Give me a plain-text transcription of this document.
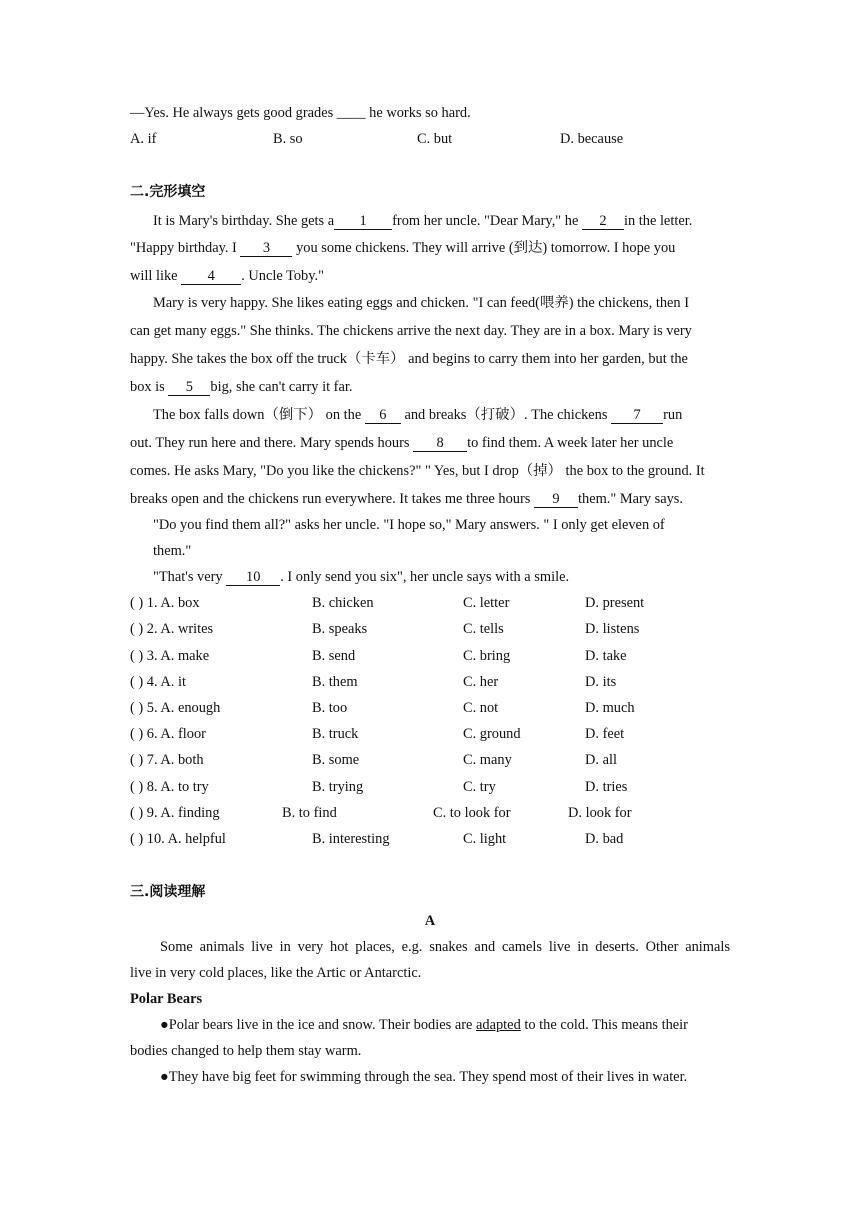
—Yes. He always gets good grades ____ he works so hard.
A. if	B. so	C. but	D. because
二.完形填空
It is Mary's birthday. She gets a 1 from her uncle. "Dear Mary," he 2 in the letter.
"Happy birthday. I 3 you some chickens. They will arrive (到达) tomorrow. I hope you
will like 4 . Uncle Toby."
Mary is very happy. She likes eating eggs and chicken. "I can feed(喂养) the chickens, then I
can get many eggs." She thinks. The chickens arrive the next day. They are in a box. Mary is very
happy. She takes the box off the truck（卡车） and begins to carry them into her garden, but the
box is 5 big, she can't carry it far.
The box falls down（倒下） on the 6 and breaks（打破）. The chickens 7 run
out. They run here and there. Mary spends hours 8 to find them. A week later her uncle
comes. He asks Mary, "Do you like the chickens?" " Yes, but I drop（掉） the box to the ground. It
breaks open and the chickens run everywhere. It takes me three hours 9 them." Mary says.
"Do you find them all?" asks her uncle. "I hope so," Mary answers. " I only get eleven of
them."
"That's very 10 . I only send you six", her uncle says with a smile.
( ) 1. A. box	B. chicken	C. letter	D. present
( ) 2. A. writes	B. speaks	C. tells	D. listens
( ) 3. A. make	B. send	C. bring	D. take
( ) 4. A. it	B. them	C. her	D. its
( ) 5. A. enough	B. too	C. not	D. much
( ) 6. A. floor	B. truck	C. ground	D. feet
( ) 7. A. both	B. some	C. many	D. all
( ) 8. A. to try	B. trying	C. try	D. tries
( ) 9. A. finding	B. to find	C. to look for	D. look for
( ) 10. A. helpful	B. interesting	C. light	D. bad
三.阅读理解
A
Some animals live in very hot places, e.g. snakes and camels live in deserts. Other animals
live in very cold places, like the Artic or Antarctic.
Polar Bears
●Polar bears live in the ice and snow. Their bodies are adapted to the cold. This means their
bodies changed to help them stay warm.
●They have big feet for swimming through the sea. They spend most of their lives in water.
